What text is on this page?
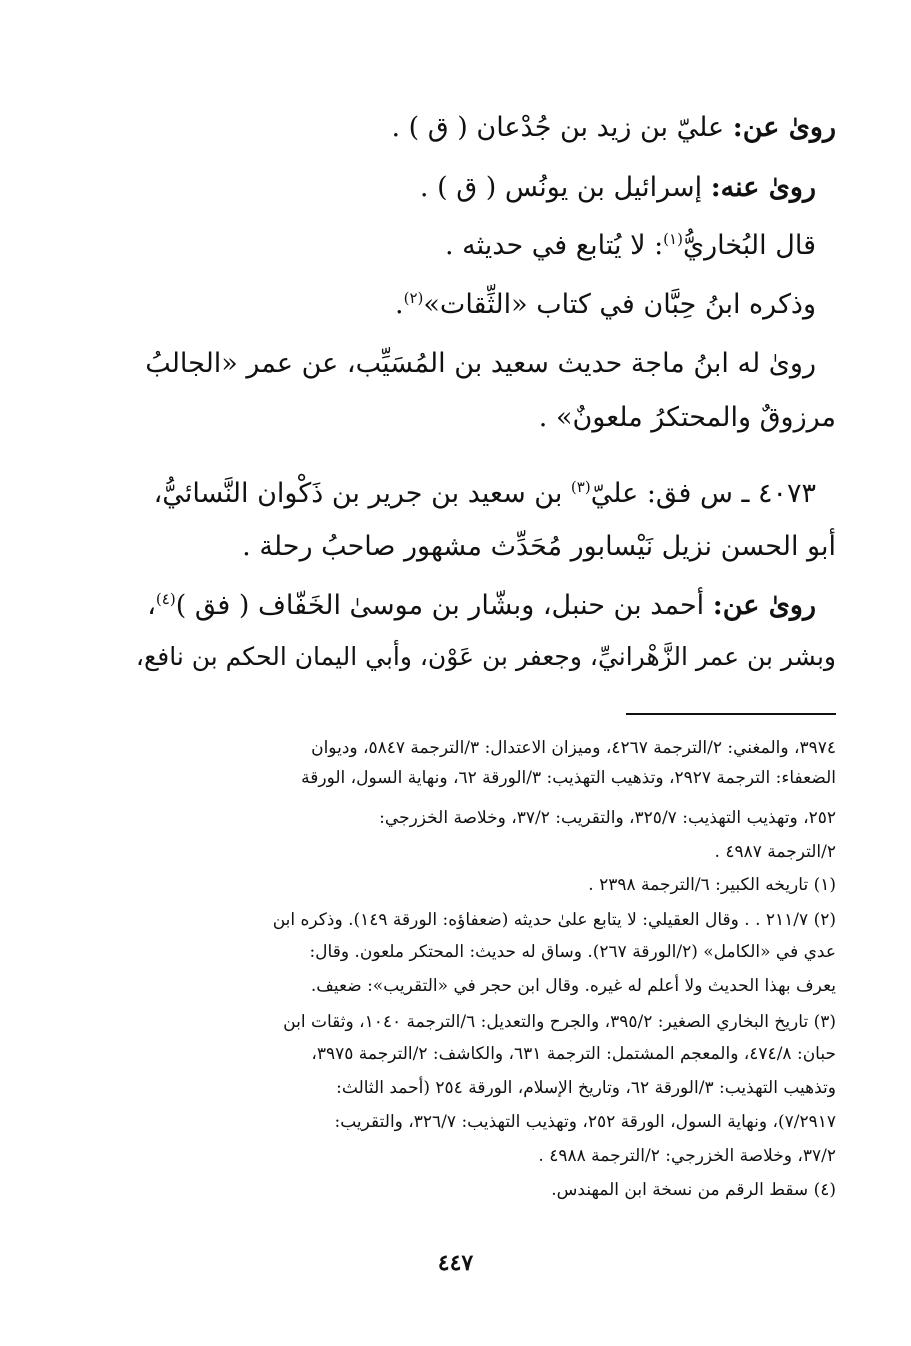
روىٰ عن: عليّ بن زيد بن جُدْعان ( ق ) .
روىٰ عنه: إسرائيل بن يونُس ( ق ) .
قال البُخاريُّ$^{(١)}$: لا يُتابع في حديثه .
وذكره ابنُ حِبَّان في كتاب «الثِّقات»$^{(٢)}$.
روىٰ له ابنُ ماجة حديث سعيد بن المُسَيِّب، عن عمر «الجالبُ
مرزوقٌ والمحتكرُ ملعونٌ» .
٤٠٧٣ ـ س فق: عليّ$^{(٣)}$ بن سعيد بن جرير بن ذَكْوان النَّسائيُّ،
أبو الحسن نزيل نَيْسابور مُحَدِّث مشهور صاحبُ رحلة .
روىٰ عن: أحمد بن حنبل، وبشّار بن موسىٰ الخَفّاف ( فق )$^{(٤)}$،
وبشر بن عمر الزَّهْرانيِّ، وجعفر بن عَوْن، وأبي اليمان الحكم بن نافع،
٣٩٧٤، والمغني: ٢/الترجمة ٤٢٦٧، وميزان الاعتدال: ٣/الترجمة ٥٨٤٧، وديوان
الضعفاء: الترجمة ٢٩٢٧، وتذهيب التهذيب: ٣/الورقة ٦٢، ونهاية السول، الورقة
٢٥٢، وتهذيب التهذيب: ٣٢٥/٧، والتقريب: ٣٧/٢، وخلاصة الخزرجي:
٢/الترجمة ٤٩٨٧ .
(١) تاريخه الكبير: ٦/الترجمة ٢٣٩٨ .
(٢) ٢١١/٧ . . وقال العقيلي: لا يتابع علىٰ حديثه (ضعفاؤه: الورقة ١٤٩). وذكره ابن
عدي في «الكامل» (٢/الورقة ٢٦٧). وساق له حديث: المحتكر ملعون. وقال:
يعرف بهذا الحديث ولا أعلم له غيره. وقال ابن حجر في «التقريب»: ضعيف.
(٣) تاريخ البخاري الصغير: ٣٩٥/٢، والجرح والتعديل: ٦/الترجمة ١٠٤٠، وثقات ابن
حبان: ٤٧٤/٨، والمعجم المشتمل: الترجمة ٦٣١، والكاشف: ٢/الترجمة ٣٩٧٥،
وتذهيب التهذيب: ٣/الورقة ٦٢، وتاريخ الإسلام، الورقة ٢٥٤ (أحمد الثالث:
٧/٢٩١٧)، ونهاية السول، الورقة ٢٥٢، وتهذيب التهذيب: ٣٢٦/٧، والتقريب:
٣٧/٢، وخلاصة الخزرجي: ٢/الترجمة ٤٩٨٨ .
(٤) سقط الرقم من نسخة ابن المهندس.
٤٤٧
